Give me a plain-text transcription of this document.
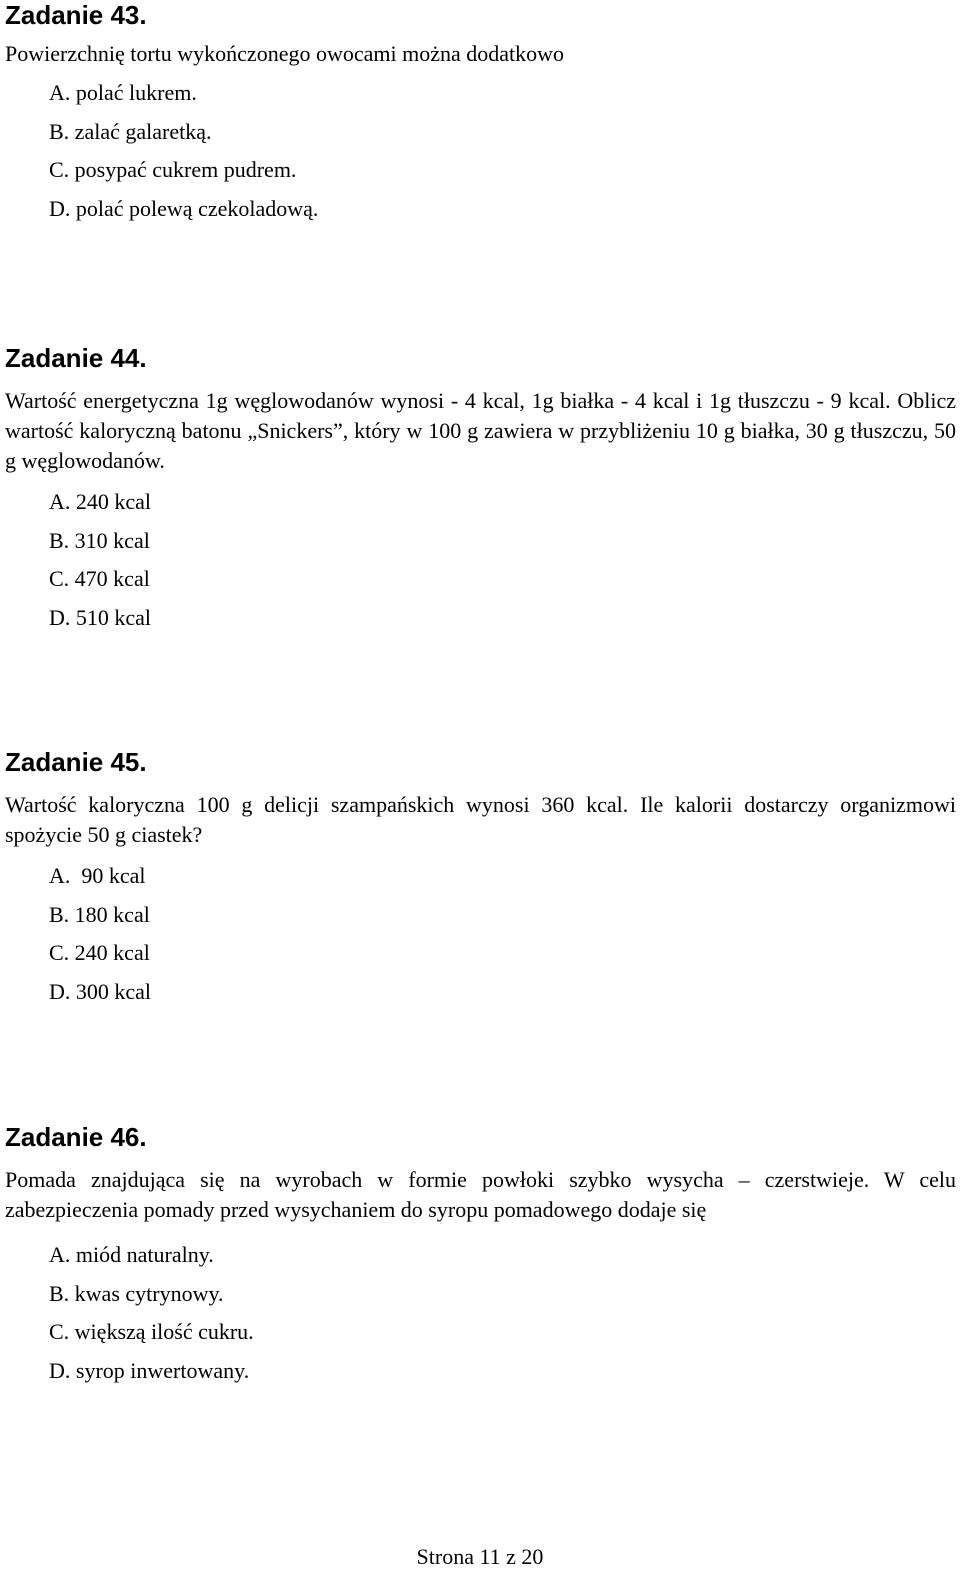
Zadanie 43.

Powierzchnię tortu wykończonego owocami można dodatkowo

A. polać lukrem.
B. zalać galaretką.
C. posypać cukrem pudrem.
D. polać polewą czekoladową.
Zadanie 44.

Wartość energetyczna 1g węglowodanów wynosi - 4 kcal, 1g białka - 4 kcal i 1g tłuszczu - 9 kcal. Oblicz wartość kaloryczną batonu „Snickers”, który w 100 g zawiera w przybliżeniu 10 g białka, 30 g tłuszczu, 50 g węglowodanów.

A. 240 kcal
B. 310 kcal
C. 470 kcal
D. 510 kcal
Zadanie 45.

Wartość kaloryczna 100 g delicji szampańskich wynosi 360 kcal. Ile kalorii dostarczy organizmowi spożycie 50 g ciastek?

A.  90 kcal
B. 180 kcal
C. 240 kcal
D. 300 kcal
Zadanie 46.

Pomada znajdująca się na wyrobach w formie powłoki szybko wysycha – czerstwieje. W celu zabezpieczenia pomady przed wysychaniem do syropu pomadowego dodaje się

A. miód naturalny.
B. kwas cytrynowy.
C. większą ilość cukru.
D. syrop inwertowany.
Strona 11 z 20
